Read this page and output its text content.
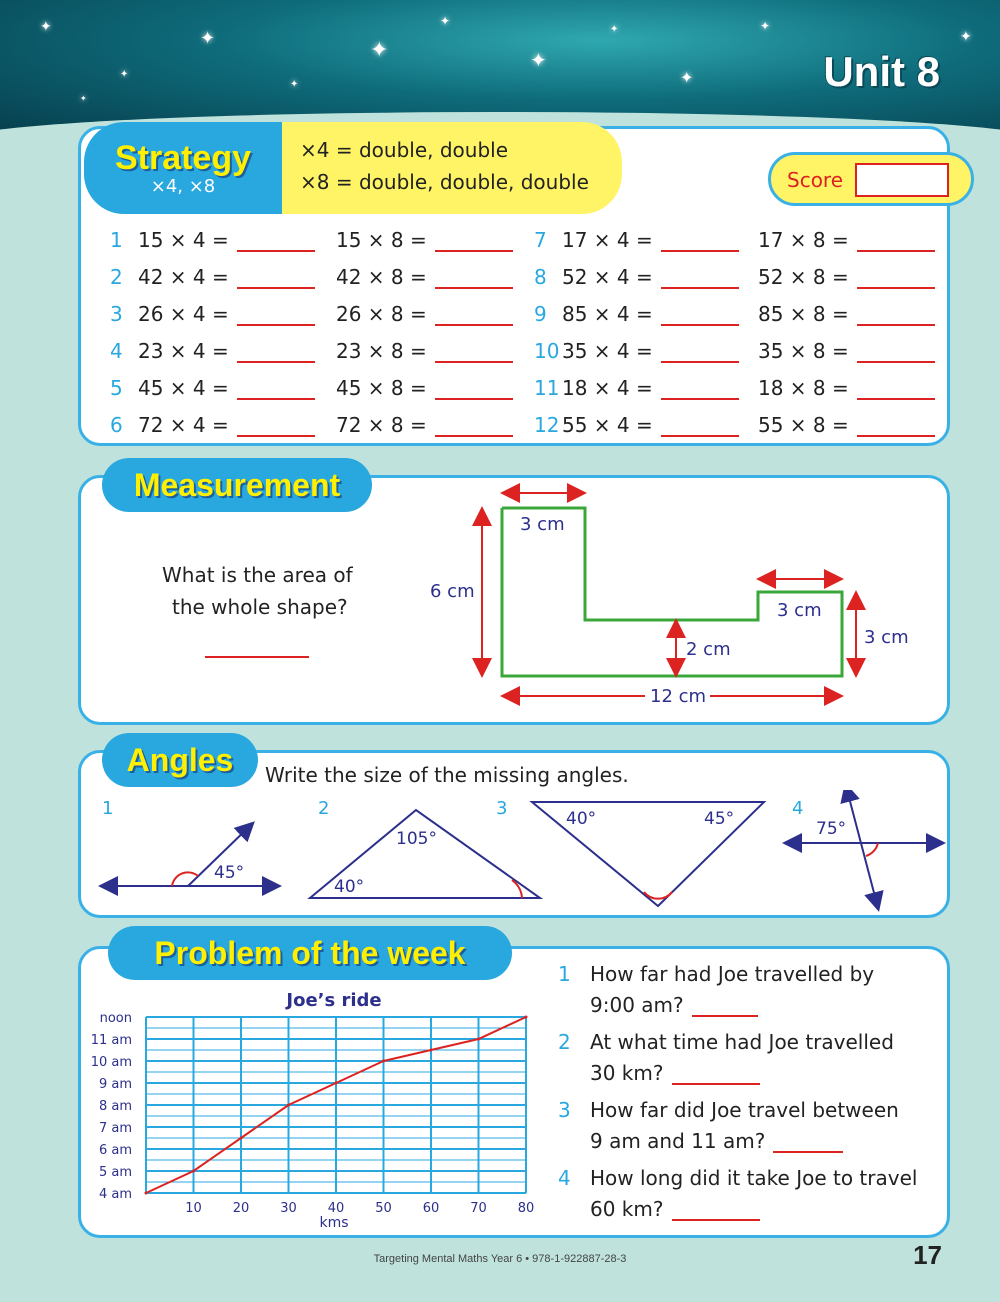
✦
✦
✦
✦
✦
✦
✦
✦
✦
✦
✦
✦
Unit 8
Strategy
×4, ×8
×4 = double, double
×8 = double, double, double	Score
1 15 × 4 =	15 × 8 =	7 17 × 4 =	17 × 8 =
2 42 × 4 =	42 × 8 =	8 52 × 4 =	52 × 8 =
3 26 × 4 =	26 × 8 =	9 85 × 4 =	85 × 8 =
4 23 × 4 =	23 × 8 =	10 35 × 4 =	35 × 8 =
5 45 × 4 =	45 × 8 =	11 18 × 4 =	18 × 8 =
6 72 × 4 =	72 × 8 =	12 55 × 4 =	55 × 8 =
Measurement
What is the area of
the whole shape?
3 cm
6 cm
3 cm
3 cm
2 cm
12 cm
Angles Write the size of the missing angles.
1
45°
2
105°
40°
3	40°	45°	4
75°
Problem of the week
Joe’s ride
4 am
5 am
6 am
7 am
8 am
9 am
10 am
11 am
noon
10 20 30 40 50 60 70 80
kms
1 How far had Joe travelled by
9:00 am?
2 At what time had Joe travelled
30 km?
3 How far did Joe travel between
9 am and 11 am?
4 How long did it take Joe to travel
60 km?
Targeting Mental Maths Year 6 • 978-1-922887-28-3	17
